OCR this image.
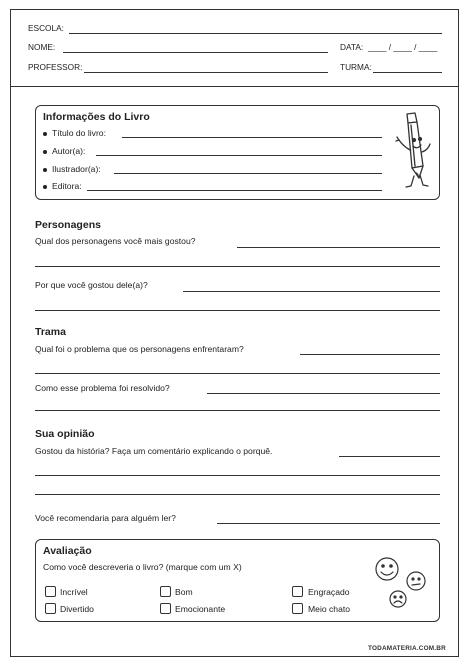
ESCOLA:
NOME:	DATA: ____ / ____ / ____
PROFESSOR:	TURMA:
Informações do Livro
Título do livro:
Autor(a):
Ilustrador(a):
Editora:
Personagens
Qual dos personagens você mais gostou?
Por que você gostou dele(a)?
Trama
Qual foi o problema que os personagens enfrentaram?
Como esse problema foi resolvido?
Sua opinião
Gostou da história? Faça um comentário explicando o porquê.
Você recomendaria para alguém ler?
Avaliação
Como você descreveria o livro? (marque com um X)
Incrível	Bom	Engraçado
Divertido	Emocionante	Meio chato
TODAMATERIA.COM.BR
